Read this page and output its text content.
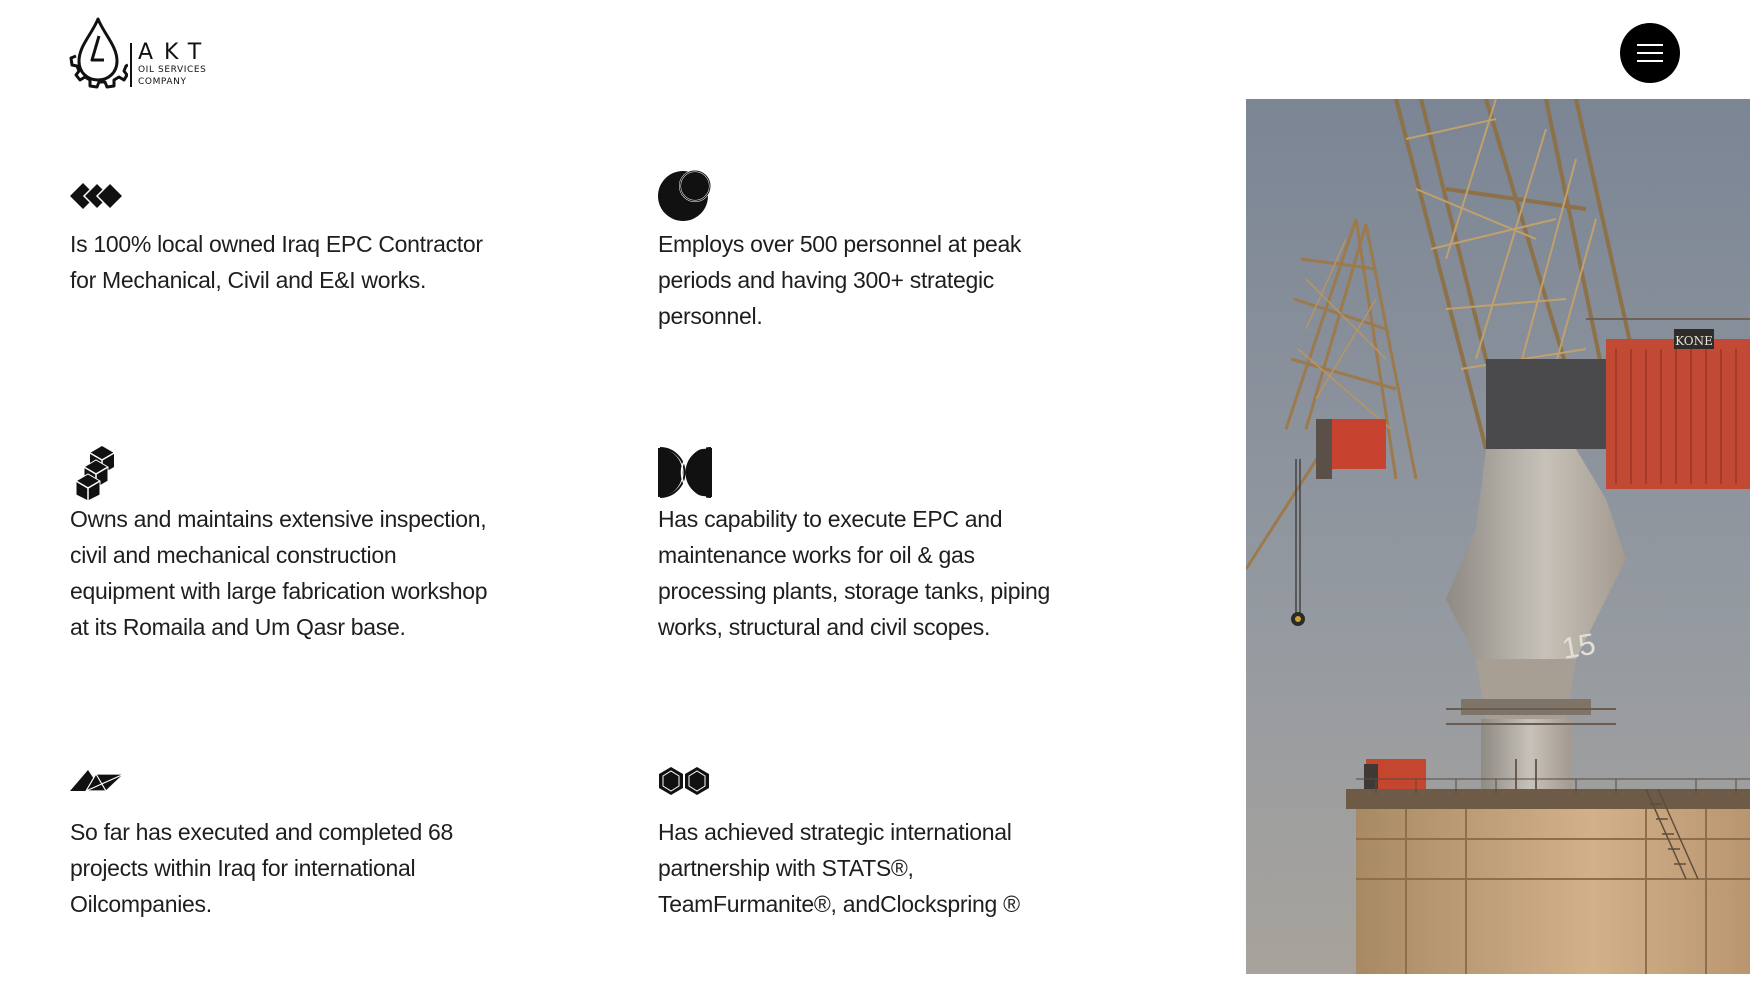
AKT
OIL SERVICES
COMPANY

Is 100% local owned Iraq EPC Contractor for Mechanical, Civil and E&I works.

Employs over 500 personnel at peak periods and having 300+ strategic personnel.

Owns and maintains extensive inspection, civil and mechanical construction equipment with large fabrication workshop at its Romaila and Um Qasr base.

Has capability to execute EPC and maintenance works for oil & gas processing plants, storage tanks, piping works, structural and civil scopes.

So far has executed and completed 68 projects within Iraq for international Oilcompanies.

Has achieved strategic international partnership with STATS®, TeamFurmanite®, andClockspring ®

KONE
15
